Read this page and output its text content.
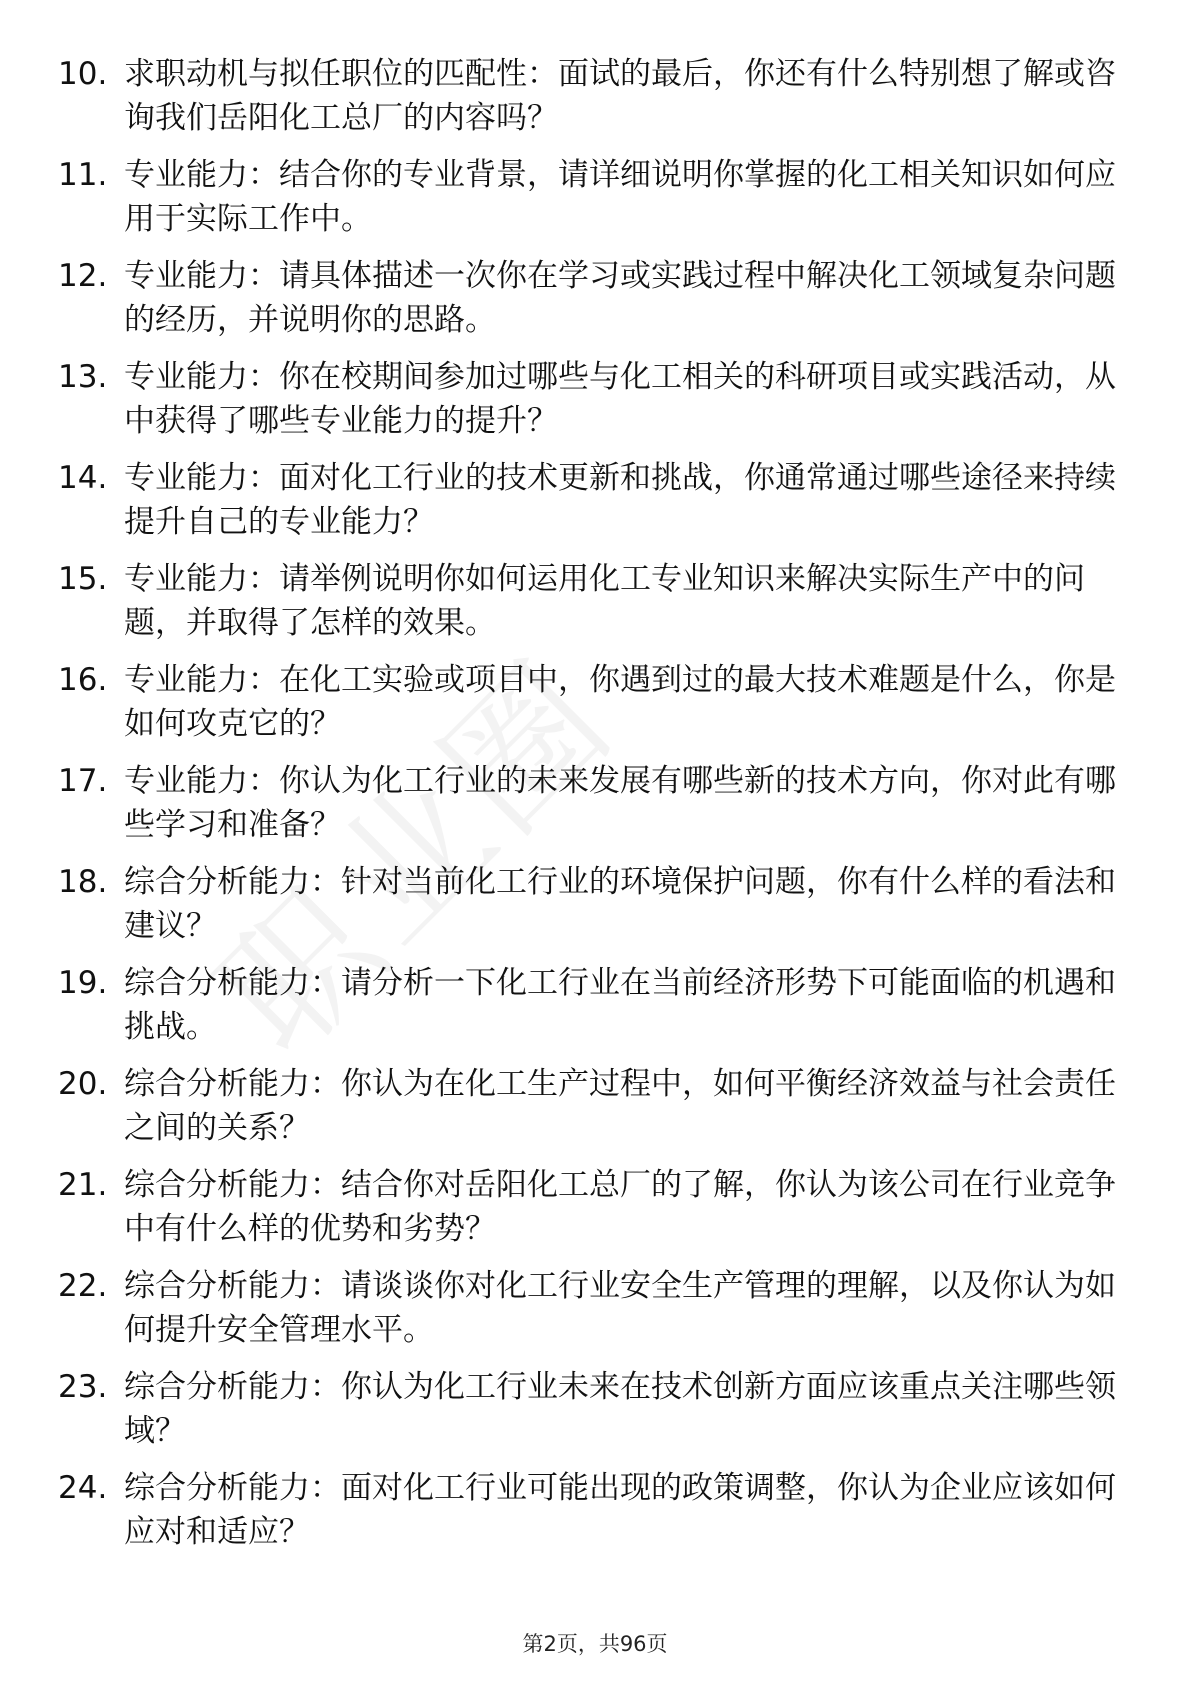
10. 求职动机与拟任职位的匹配性：面试的最后，你还有什么特别想了解或咨询我们岳阳化工总厂的内容吗？
11. 专业能力：结合你的专业背景，请详细说明你掌握的化工相关知识如何应用于实际工作中。
12. 专业能力：请具体描述一次你在学习或实践过程中解决化工领域复杂问题的经历，并说明你的思路。
13. 专业能力：你在校期间参加过哪些与化工相关的科研项目或实践活动，从中获得了哪些专业能力的提升？
14. 专业能力：面对化工行业的技术更新和挑战，你通常通过哪些途径来持续提升自己的专业能力？
15. 专业能力：请举例说明你如何运用化工专业知识来解决实际生产中的问题，并取得了怎样的效果。
16. 专业能力：在化工实验或项目中，你遇到过的最大技术难题是什么，你是如何攻克它的？
17. 专业能力：你认为化工行业的未来发展有哪些新的技术方向，你对此有哪些学习和准备？
18. 综合分析能力：针对当前化工行业的环境保护问题，你有什么样的看法和建议？
19. 综合分析能力：请分析一下化工行业在当前经济形势下可能面临的机遇和挑战。
20. 综合分析能力：你认为在化工生产过程中，如何平衡经济效益与社会责任之间的关系？
21. 综合分析能力：结合你对岳阳化工总厂的了解，你认为该公司在行业竞争中有什么样的优势和劣势？
22. 综合分析能力：请谈谈你对化工行业安全生产管理的理解，以及你认为如何提升安全管理水平。
23. 综合分析能力：你认为化工行业未来在技术创新方面应该重点关注哪些领域？
24. 综合分析能力：面对化工行业可能出现的政策调整，你认为企业应该如何应对和适应？
第2页，共96页
